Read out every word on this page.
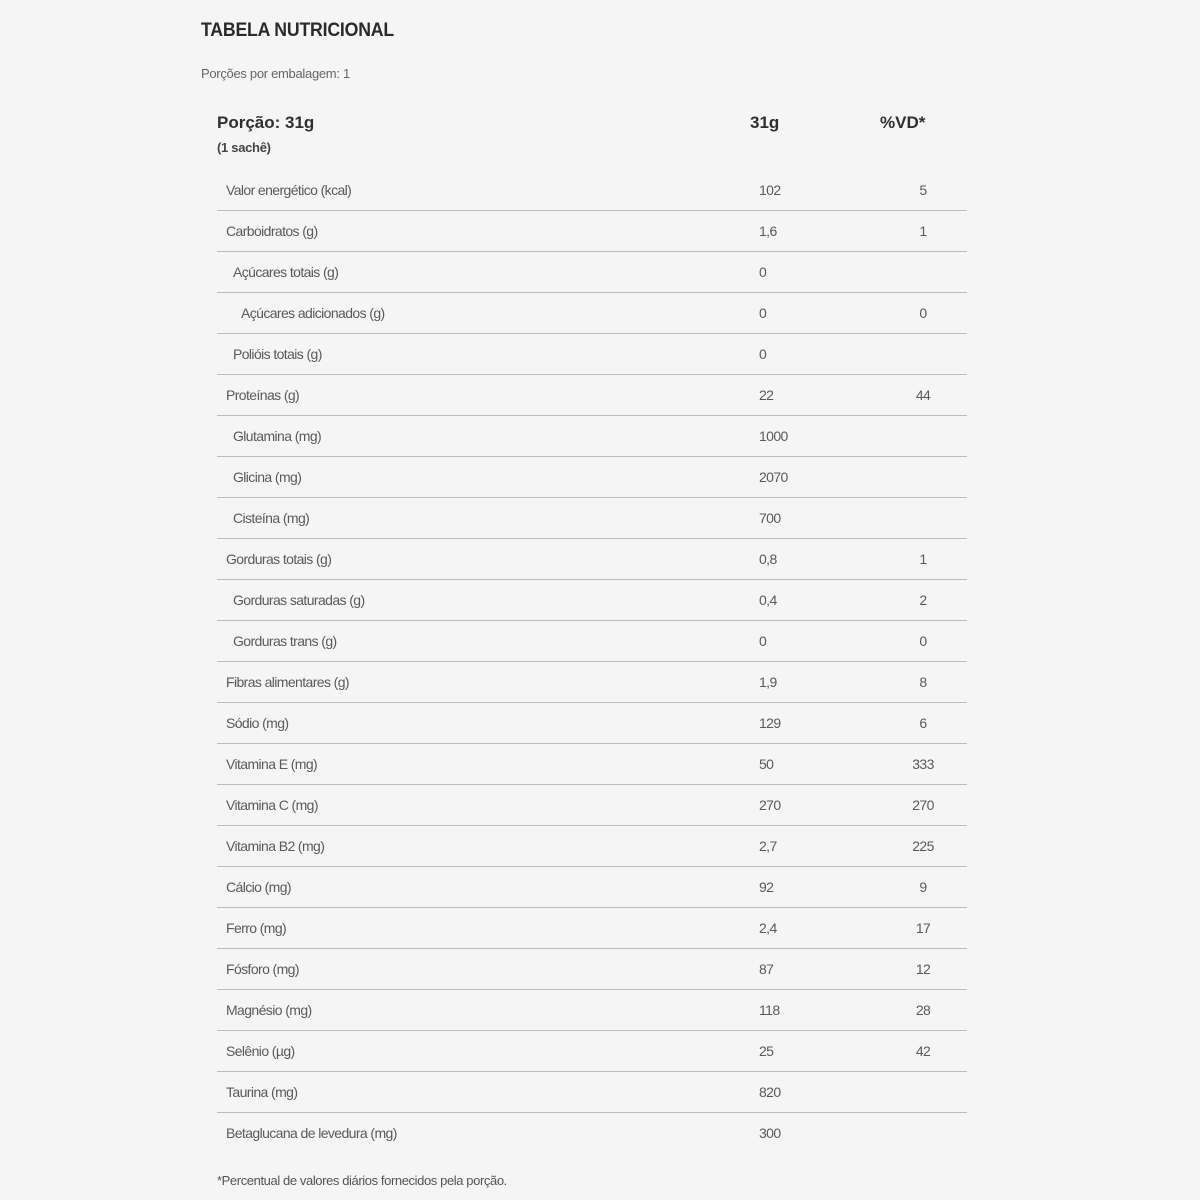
TABELA NUTRICIONAL
Porções por embalagem: 1
Porção: 31g
(1 sachê)
31g	%VD*
Valor energético (kcal)	102	5
Carboidratos (g)	1,6	1
Açúcares totais (g)	0
Açúcares adicionados (g)	0	0
Polióis totais (g)	0
Proteínas (g)	22	44
Glutamina (mg)	1000
Glicina (mg)	2070
Cisteína (mg)	700
Gorduras totais (g)	0,8	1
Gorduras saturadas (g)	0,4	2
Gorduras trans (g)	0	0
Fibras alimentares (g)	1,9	8
Sódio (mg)	129	6
Vitamina E (mg)	50	333
Vitamina C (mg)	270	270
Vitamina B2 (mg)	2,7	225
Cálcio (mg)	92	9
Ferro (mg)	2,4	17
Fósforo (mg)	87	12
Magnésio (mg)	118	28
Selênio (µg)	25	42
Taurina (mg)	820
Betaglucana de levedura (mg)	300
*Percentual de valores diários fornecidos pela porção.
